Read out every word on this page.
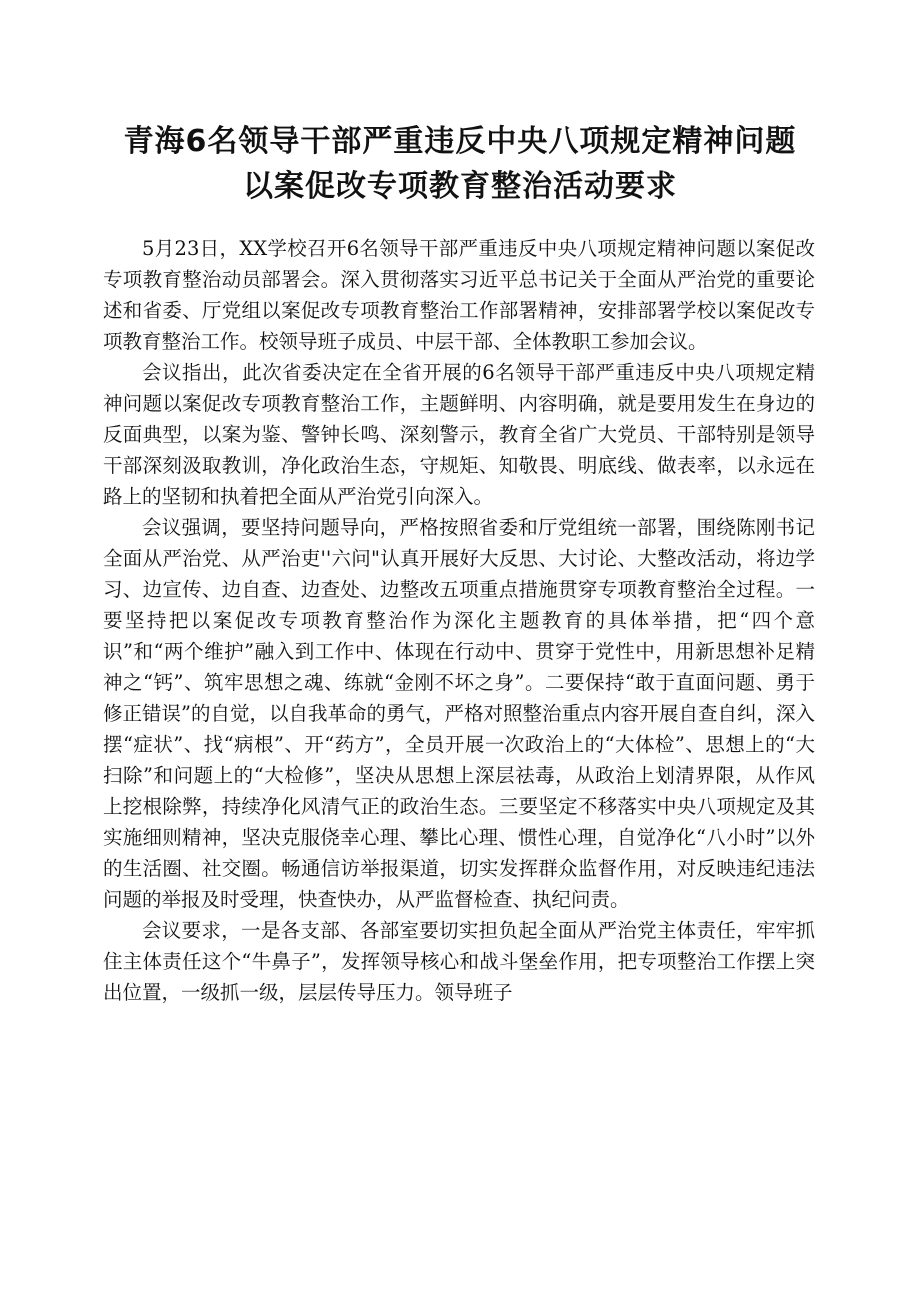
青海6名领导干部严重违反中央八项规定精神问题
以案促改专项教育整治活动要求

5月23日，XX学校召开6名领导干部严重违反中央八项规定精神问题以案促改专项教育整治动员部署会。深入贯彻落实习近平总书记关于全面从严治党的重要论述和省委、厅党组以案促改专项教育整治工作部署精神，安排部署学校以案促改专项教育整治工作。校领导班子成员、中层干部、全体教职工参加会议。

会议指出，此次省委决定在全省开展的6名领导干部严重违反中央八项规定精神问题以案促改专项教育整治工作，主题鲜明、内容明确，就是要用发生在身边的反面典型，以案为鉴、警钟长鸣、深刻警示，教育全省广大党员、干部特别是领导干部深刻汲取教训，净化政治生态，守规矩、知敬畏、明底线、做表率，以永远在路上的坚韧和执着把全面从严治党引向深入。

会议强调，要坚持问题导向，严格按照省委和厅党组统一部署，围绕陈刚书记全面从严治党、从严治吏''六问"认真开展好大反思、大讨论、大整改活动，将边学习、边宣传、边自查、边查处、边整改五项重点措施贯穿专项教育整治全过程。一要坚持把以案促改专项教育整治作为深化主题教育的具体举措，把“四个意识”和“两个维护”融入到工作中、体现在行动中、贯穿于党性中，用新思想补足精神之“钙”、筑牢思想之魂、练就“金刚不坏之身”。二要保持“敢于直面问题、勇于修正错误”的自觉，以自我革命的勇气，严格对照整治重点内容开展自查自纠，深入摆“症状”、找“病根”、开“药方”，全员开展一次政治上的“大体检”、思想上的“大扫除”和问题上的“大检修”，坚决从思想上深层祛毒，从政治上划清界限，从作风上挖根除弊，持续净化风清气正的政治生态。三要坚定不移落实中央八项规定及其实施细则精神，坚决克服侥幸心理、攀比心理、惯性心理，自觉净化“八小时”以外的生活圈、社交圈。畅通信访举报渠道，切实发挥群众监督作用，对反映违纪违法问题的举报及时受理，快查快办，从严监督检查、执纪问责。

会议要求，一是各支部、各部室要切实担负起全面从严治党主体责任，牢牢抓住主体责任这个“牛鼻子”，发挥领导核心和战斗堡垒作用，把专项整治工作摆上突出位置，一级抓一级，层层传导压力。领导班子
